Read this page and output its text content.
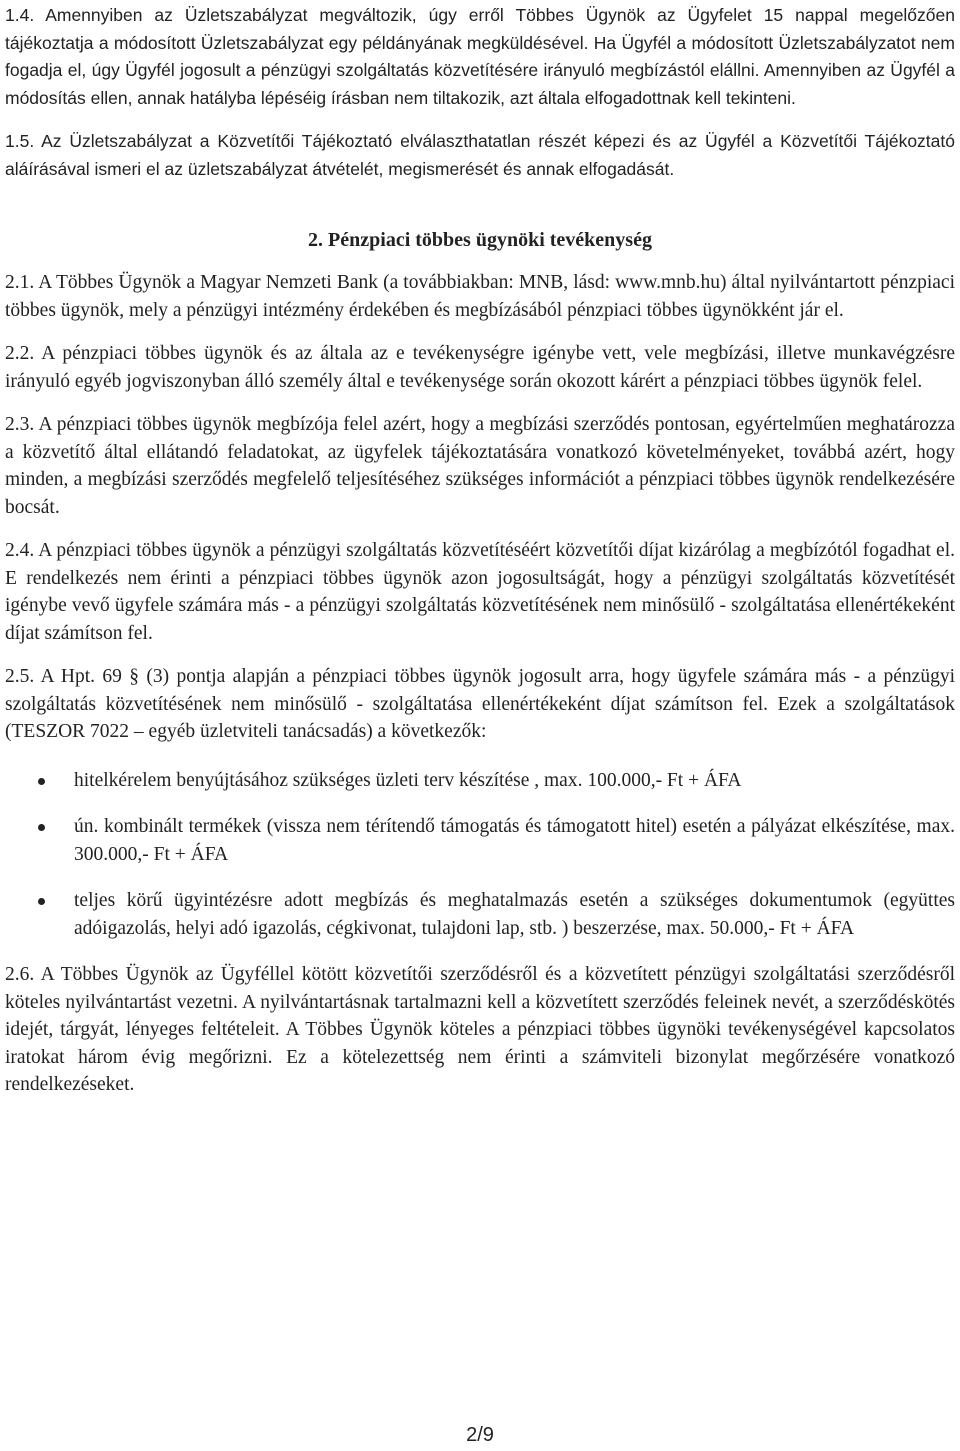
1.4. Amennyiben az Üzletszabályzat megváltozik, úgy erről Többes Ügynök az Ügyfelet 15 nappal megelőzően tájékoztatja a módosított Üzletszabályzat egy példányának megküldésével. Ha Ügyfél a módosított Üzletszabályzatot nem fogadja el, úgy Ügyfél jogosult a pénzügyi szolgáltatás közvetítésére irányuló megbízástól elállni. Amennyiben az Ügyfél a módosítás ellen, annak hatályba lépéséig írásban nem tiltakozik, azt általa elfogadottnak kell tekinteni.

1.5. Az Üzletszabályzat a Közvetítői Tájékoztató elválaszthatatlan részét képezi és az Ügyfél a Közvetítői Tájékoztató aláírásával ismeri el az üzletszabályzat átvételét, megismerését és annak elfogadását.

2. Pénzpiaci többes ügynöki tevékenység

2.1. A Többes Ügynök a Magyar Nemzeti Bank (a továbbiakban: MNB, lásd: www.mnb.hu) által nyilvántartott pénzpiaci többes ügynök, mely a pénzügyi intézmény érdekében és megbízásából pénzpiaci többes ügynökként jár el.

2.2. A pénzpiaci többes ügynök és az általa az e tevékenységre igénybe vett, vele megbízási, illetve munkavégzésre irányuló egyéb jogviszonyban álló személy által e tevékenysége során okozott kárért a pénzpiaci többes ügynök felel.

2.3. A pénzpiaci többes ügynök megbízója felel azért, hogy a megbízási szerződés pontosan, egyértelműen meghatározza a közvetítő által ellátandó feladatokat, az ügyfelek tájékoztatására vonatkozó követelményeket, továbbá azért, hogy minden, a megbízási szerződés megfelelő teljesítéséhez szükséges információt a pénzpiaci többes ügynök rendelkezésére bocsát.

2.4. A pénzpiaci többes ügynök a pénzügyi szolgáltatás közvetítéséért közvetítői díjat kizárólag a megbízótól fogadhat el. E rendelkezés nem érinti a pénzpiaci többes ügynök azon jogosultságát, hogy a pénzügyi szolgáltatás közvetítését igénybe vevő ügyfele számára más - a pénzügyi szolgáltatás közvetítésének nem minősülő - szolgáltatása ellenértékeként díjat számítson fel.

2.5. A Hpt. 69 § (3) pontja alapján a pénzpiaci többes ügynök jogosult arra, hogy ügyfele számára más - a pénzügyi szolgáltatás közvetítésének nem minősülő - szolgáltatása ellenértékeként díjat számítson fel. Ezek a szolgáltatások (TESZOR 7022 – egyéb üzletviteli tanácsadás) a következők:

hitelkérelem benyújtásához szükséges üzleti terv készítése , max. 100.000,- Ft + ÁFA

ún. kombinált termékek (vissza nem térítendő támogatás és támogatott hitel) esetén a pályázat elkészítése, max. 300.000,- Ft + ÁFA

teljes körű ügyintézésre adott megbízás és meghatalmazás esetén a szükséges dokumentumok (együttes adóigazolás, helyi adó igazolás, cégkivonat, tulajdoni lap, stb. ) beszerzése, max. 50.000,- Ft + ÁFA

2.6. A Többes Ügynök az Ügyféllel kötött közvetítői szerződésről és a közvetített pénzügyi szolgáltatási szerződésről köteles nyilvántartást vezetni. A nyilvántartásnak tartalmazni kell a közvetített szerződés feleinek nevét, a szerződéskötés idejét, tárgyát, lényeges feltételeit. A Többes Ügynök köteles a pénzpiaci többes ügynöki tevékenységével kapcsolatos iratokat három évig megőrizni. Ez a kötelezettség nem érinti a számviteli bizonylat megőrzésére vonatkozó rendelkezéseket.

2/9
